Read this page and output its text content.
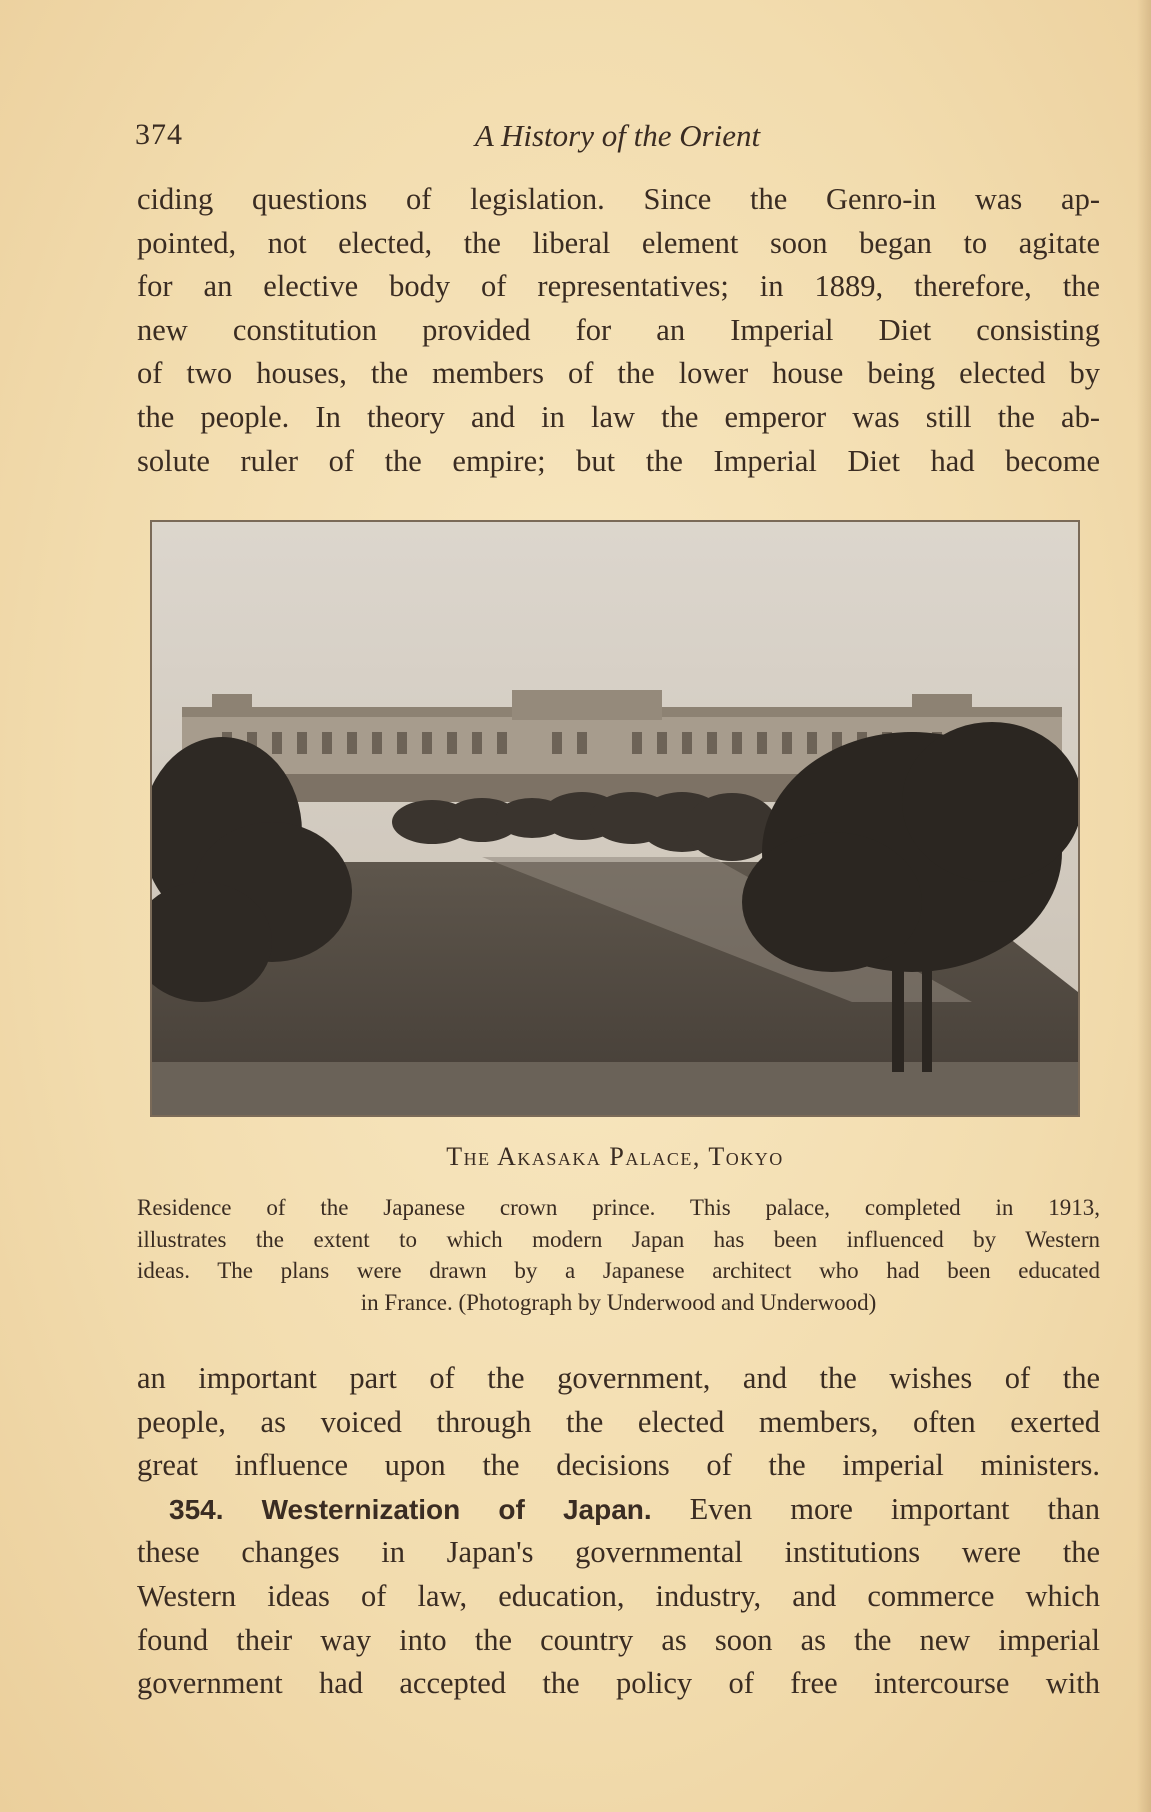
374	A History of the Orient
ciding questions of legislation. Since the Genro-in was ap-
pointed, not elected, the liberal element soon began to agitate
for an elective body of representatives; in 1889, therefore, the
new constitution provided for an Imperial Diet consisting
of two houses, the members of the lower house being elected by
the people. In theory and in law the emperor was still the ab-
solute ruler of the empire; but the Imperial Diet had become
The Akasaka Palace, Tokyo
Residence of the Japanese crown prince. This palace, completed in 1913,
illustrates the extent to which modern Japan has been influenced by Western
ideas. The plans were drawn by a Japanese architect who had been educated
in France. (Photograph by Underwood and Underwood)
an important part of the government, and the wishes of the
people, as voiced through the elected members, often exerted
great influence upon the decisions of the imperial ministers.
354. Westernization of Japan. Even more important than
these changes in Japan's governmental institutions were the
Western ideas of law, education, industry, and commerce which
found their way into the country as soon as the new imperial
government had accepted the policy of free intercourse with
